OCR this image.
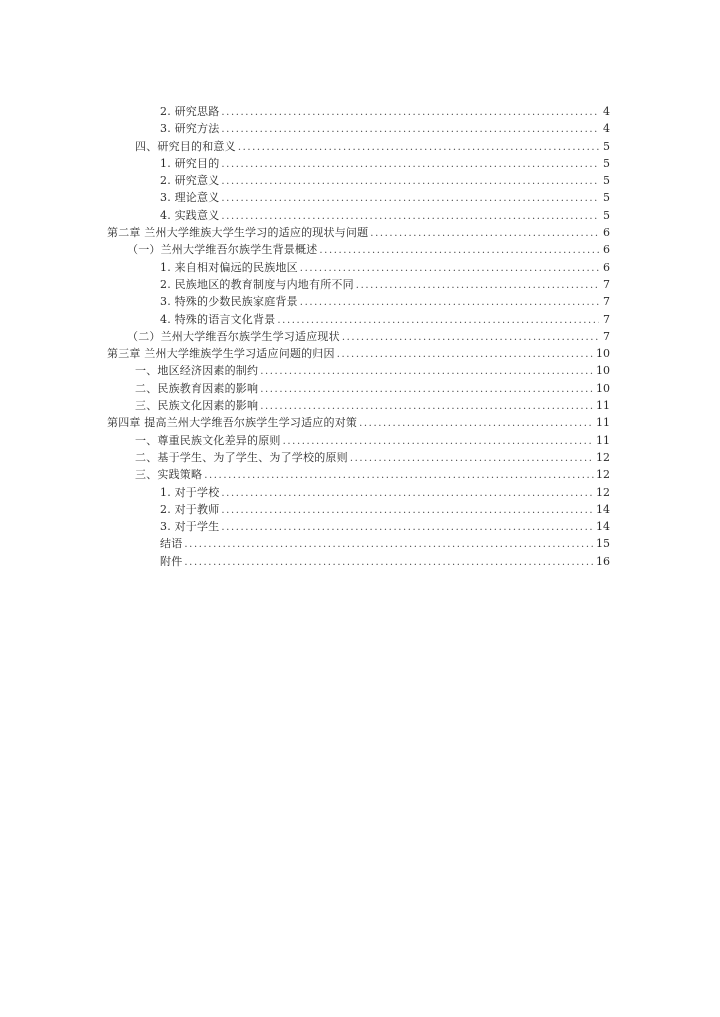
2. 研究思路 .....	4
3. 研究方法 .....	4
四、研究目的和意义 .....	5
1. 研究目的 .....	5
2. 研究意义 .....	5
3. 理论意义 .....	5
4. 实践意义 .....	5
第二章 兰州大学维族大学生学习的适应的现状与问题 .....	6
（一）兰州大学维吾尔族学生背景概述 .....	6
1. 来自相对偏远的民族地区 .....	6
2. 民族地区的教育制度与内地有所不同 .....	7
3. 特殊的少数民族家庭背景 .....	7
4. 特殊的语言文化背景 .....	7
（二）兰州大学维吾尔族学生学习适应现状 .....	7
第三章 兰州大学维族学生学习适应问题的归因 .....	10
一、地区经济因素的制约 .....	10
二、民族教育因素的影响 .....	10
三、民族文化因素的影响 .....	11
第四章 提高兰州大学维吾尔族学生学习适应的对策 .....	11
一、尊重民族文化差异的原则 .....	11
二、基于学生、为了学生、为了学校的原则 .....	12
三、实践策略 .....	12
1. 对于学校 .....	12
2. 对于教师 .....	14
3. 对于学生 .....	14
结语 .....	15
附件 .....	16
